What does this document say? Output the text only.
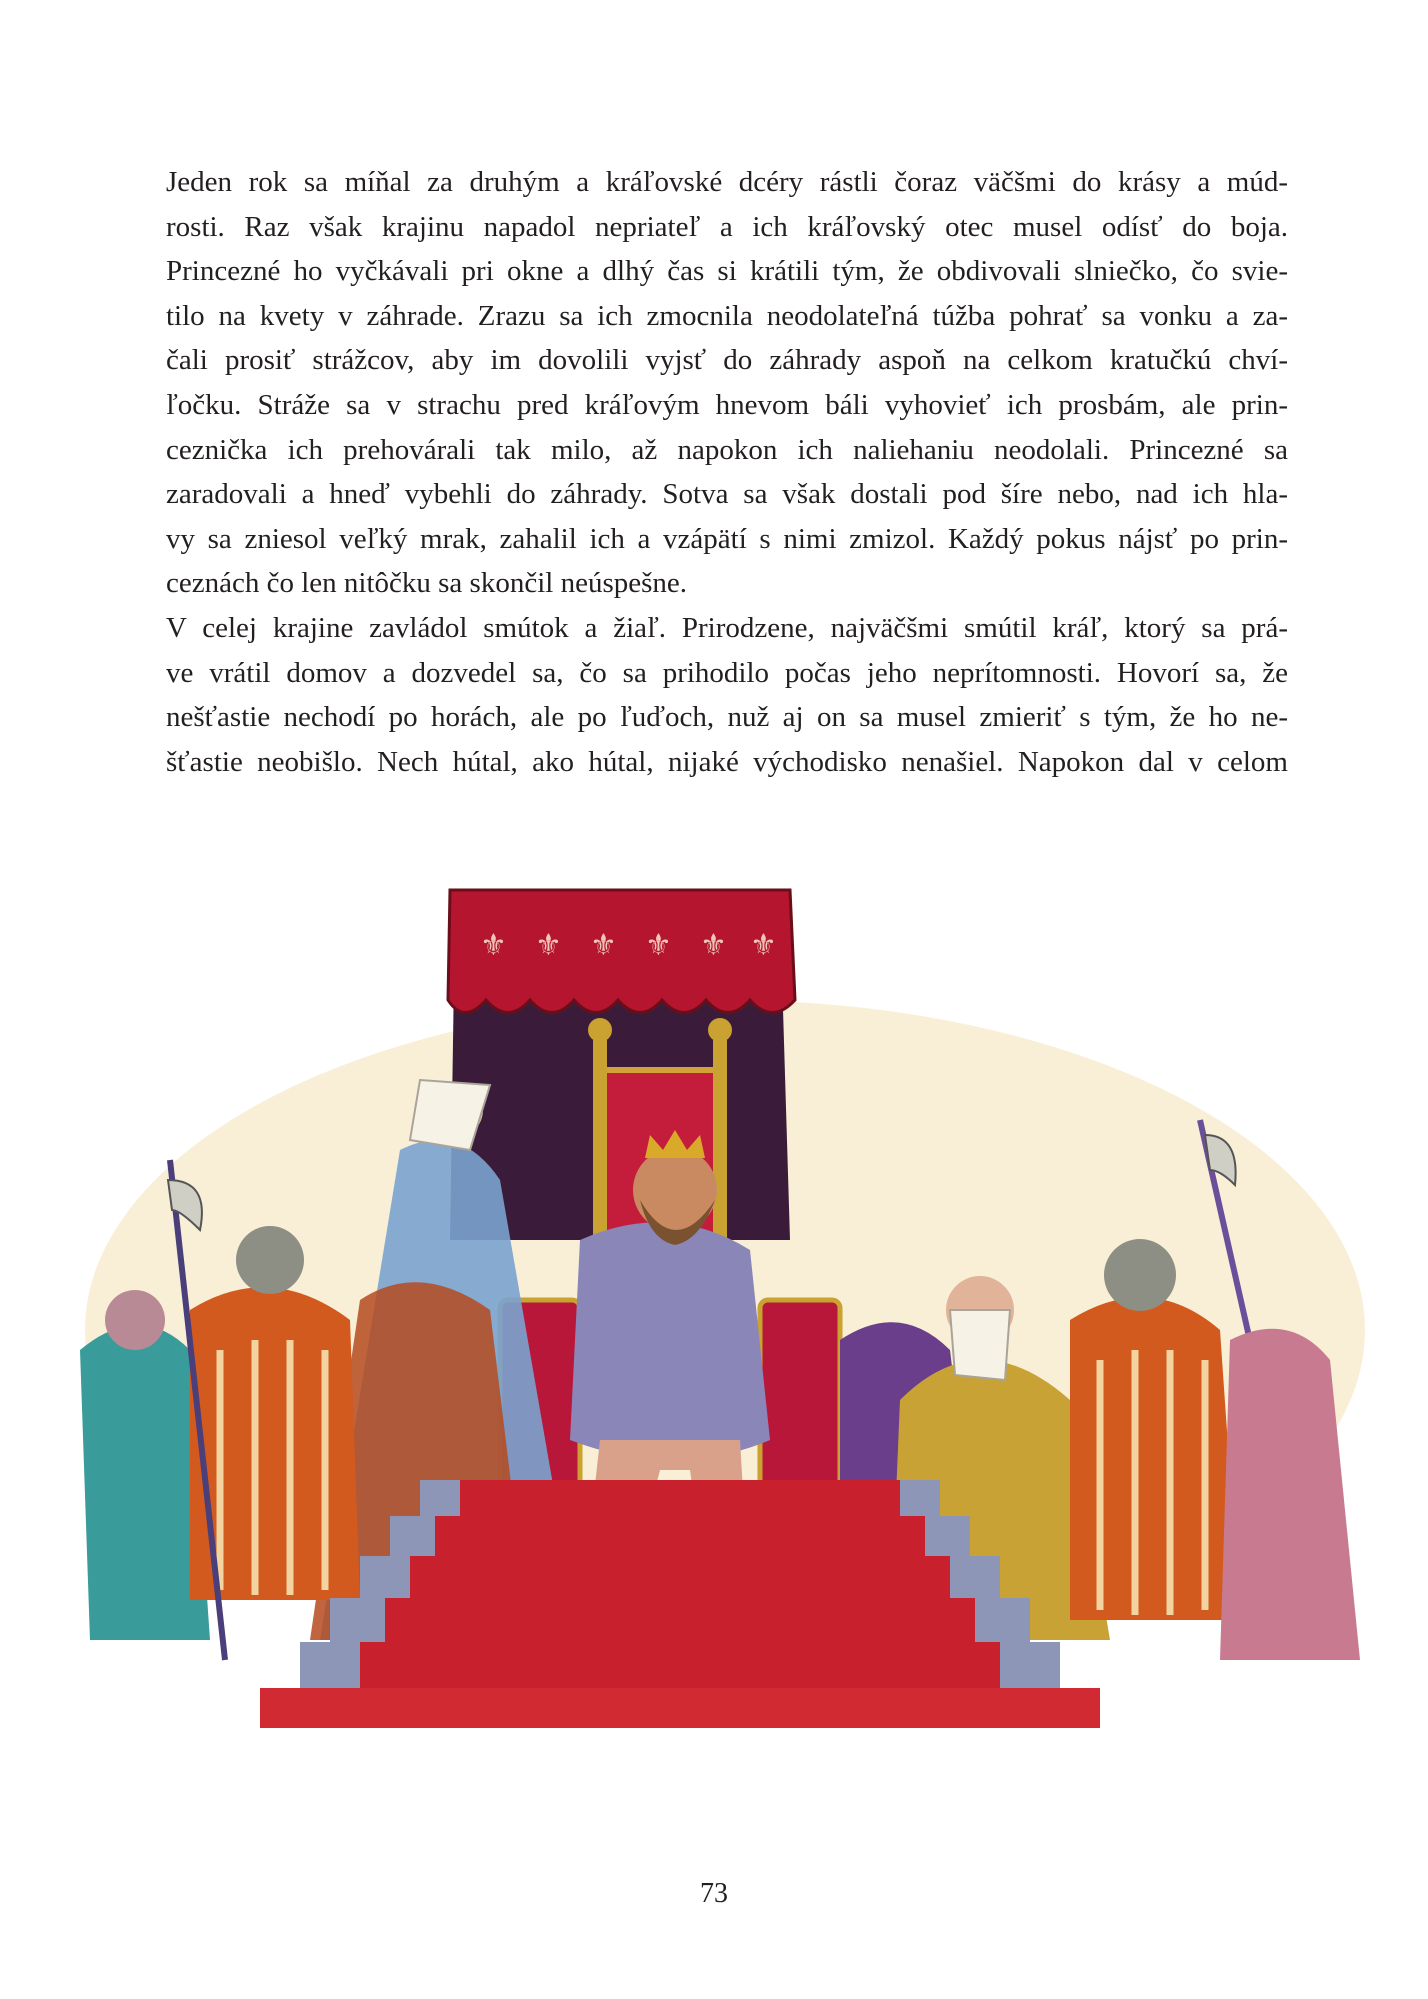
Jeden rok sa míňal za druhým a kráľovské dcéry rástli čoraz väčšmi do krásy a múd-
rosti. Raz však krajinu napadol nepriateľ a ich kráľovský otec musel odísť do boja.
Princezné ho vyčkávali pri okne a dlhý čas si krátili tým, že obdivovali slniečko, čo svie-
tilo na kvety v záhrade. Zrazu sa ich zmocnila neodolateľná túžba pohrať sa vonku a za-
čali prosiť strážcov, aby im dovolili vyjsť do záhrady aspoň na celkom kratučkú chví-
ľočku. Stráže sa v strachu pred kráľovým hnevom báli vyhovieť ich prosbám, ale prin-
ceznička ich prehovárali tak milo, až napokon ich naliehaniu neodolali. Princezné sa
zaradovali a hneď vybehli do záhrady. Sotva sa však dostali pod šíre nebo, nad ich hla-
vy sa zniesol veľký mrak, zahalil ich a vzápätí s nimi zmizol. Každý pokus nájsť po prin-
ceznách čo len nitôčku sa skončil neúspešne.
V celej krajine zavládol smútok a žiaľ. Prirodzene, najväčšmi smútil kráľ, ktorý sa prá-
ve vrátil domov a dozvedel sa, čo sa prihodilo počas jeho neprítomnosti. Hovorí sa, že
nešťastie nechodí po horách, ale po ľuďoch, nuž aj on sa musel zmieriť s tým, že ho ne-
šťastie neobišlo. Nech hútal, ako hútal, nijaké východisko nenašiel. Napokon dal v celom
⚜ ⚜ ⚜ ⚜ ⚜ ⚜
73
